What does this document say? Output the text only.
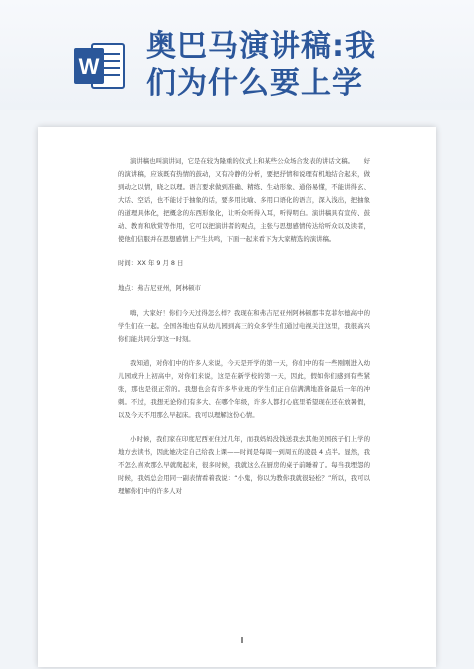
W
奥巴马演讲稿:我
们为什么要上学

演讲稿也叫演讲词，它是在较为隆重的仪式上和某些公众场合发表的讲话文稿。　　好的演讲稿，应该既有热情的鼓动，又有冷静的分析，要把抒情和说理有机地结合起来，做到动之以情，晓之以理。语言要求做到准确、精练、生动形象、通俗易懂，不能讲得玄、大话、空话，也不能讨于抽象的话，要多用比喻、多用口语化的语言，深入浅出，把抽象的道理具体化，把概念的东西形象化，让听众听得入耳，听得明白。演讲稿具有宣传、鼓动、教育和欣赏等作用，它可以把演讲者的观点，主张与思想感情传达给听众以及读者，使他们信服并在思想感情上产生共鸣，下面一起来看下为大家精选的演讲稿。

时间：XX 年 9 月 8 日

地点：弗吉尼亚州，阿林顿市

嗨，大家好！你们今天过得怎么样？我现在和弗吉尼亚州阿林顿郡韦克菲尔德高中的学生们在一起。全国各地也有从幼儿园到高三的众多学生们通过电视关注这里，我很高兴你们能共同分享这一时刻。

我知道，对你们中的许多人来说，今天是开学的第一天，你们中的有一些刚刚进入幼儿园或升上初高中，对你们来说，这是在新学校的第一天，因此，假如你们感到有些紧张，那也是很正常的。我想也会有许多毕业班的学生们正自信满满地准备最后一年的冲刺。不过，我想无论你们有多大、在哪个年级，许多人都打心底里希望现在还在放暑假，以及今天不用那么早起床。我可以理解这份心情。

小时候，我们家在印度尼西亚住过几年，而我妈妈没钱送我去其他美国孩子们上学的地方去读书，因此她决定自己给我上课——时间是每周一到周五的凌晨 4 点半。显然，我不怎么喜欢那么早就爬起来，很多时候，我就这么在厨房的桌子前睡着了。每当我埋怨的时候，我妈总会用同一副表情看着我说：“小鬼，你以为教你我就很轻松？”所以，我可以理解你们中的许多人对
